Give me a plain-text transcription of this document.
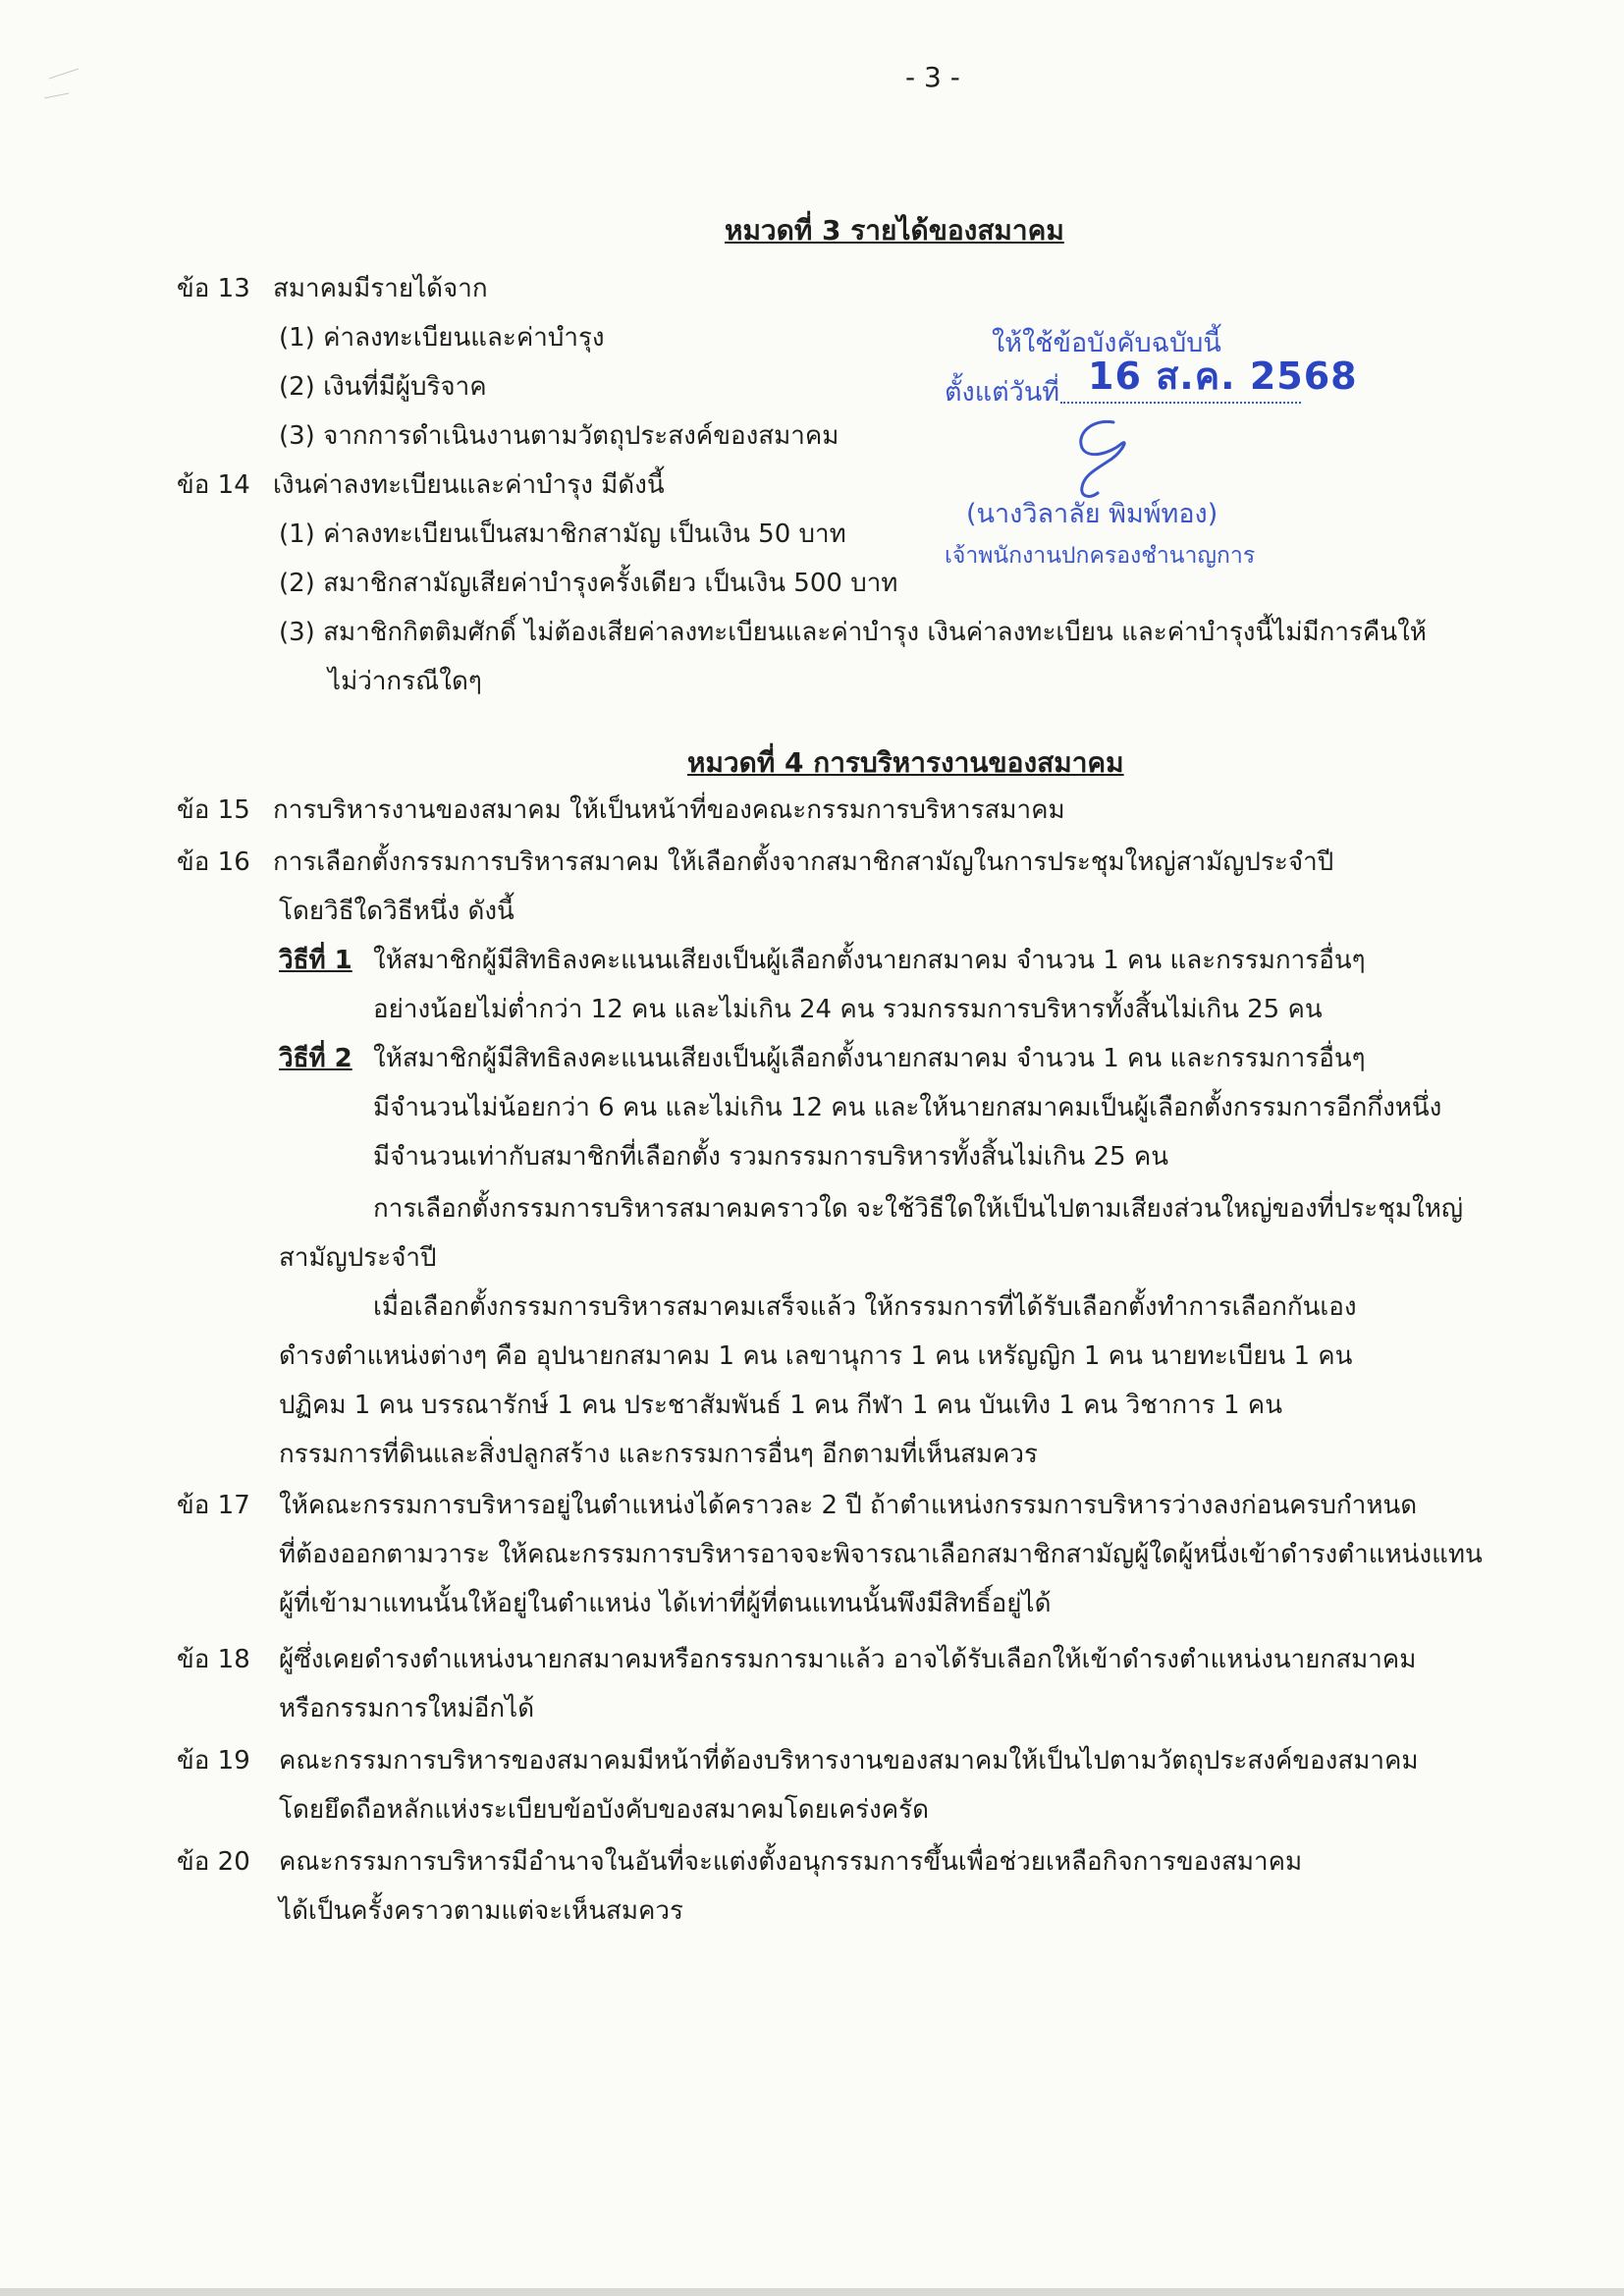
- 3 -
หมวดที่ 3 รายได้ของสมาคม
ข้อ 13 สมาคมมีรายได้จาก
(1) ค่าลงทะเบียนและค่าบำรุง
(2) เงินที่มีผู้บริจาค
(3) จากการดำเนินงานตามวัตถุประสงค์ของสมาคม
ข้อ 14 เงินค่าลงทะเบียนและค่าบำรุง มีดังนี้
(1) ค่าลงทะเบียนเป็นสมาชิกสามัญ เป็นเงิน 50 บาท
(2) สมาชิกสามัญเสียค่าบำรุงครั้งเดียว เป็นเงิน 500 บาท
(3) สมาชิกกิตติมศักดิ์ ไม่ต้องเสียค่าลงทะเบียนและค่าบำรุง เงินค่าลงทะเบียน และค่าบำรุงนี้ไม่มีการคืนให้
ไม่ว่ากรณีใดๆ
ให้ใช้ข้อบังคับฉบับนี้
ตั้งแต่วันที่ 16 ส.ค. 2568
(นางวิลาลัย พิมพ์ทอง)
เจ้าพนักงานปกครองชำนาญการ
หมวดที่ 4 การบริหารงานของสมาคม
ข้อ 15 การบริหารงานของสมาคม ให้เป็นหน้าที่ของคณะกรรมการบริหารสมาคม
ข้อ 16 การเลือกตั้งกรรมการบริหารสมาคม ให้เลือกตั้งจากสมาชิกสามัญในการประชุมใหญ่สามัญประจำปี
โดยวิธีใดวิธีหนึ่ง ดังนี้
วิธีที่ 1 ให้สมาชิกผู้มีสิทธิลงคะแนนเสียงเป็นผู้เลือกตั้งนายกสมาคม จำนวน 1 คน และกรรมการอื่นๆ
อย่างน้อยไม่ต่ำกว่า 12 คน และไม่เกิน 24 คน รวมกรรมการบริหารทั้งสิ้นไม่เกิน 25 คน
วิธีที่ 2 ให้สมาชิกผู้มีสิทธิลงคะแนนเสียงเป็นผู้เลือกตั้งนายกสมาคม จำนวน 1 คน และกรรมการอื่นๆ
มีจำนวนไม่น้อยกว่า 6 คน และไม่เกิน 12 คน และให้นายกสมาคมเป็นผู้เลือกตั้งกรรมการอีกกึ่งหนึ่ง
มีจำนวนเท่ากับสมาชิกที่เลือกตั้ง รวมกรรมการบริหารทั้งสิ้นไม่เกิน 25 คน
การเลือกตั้งกรรมการบริหารสมาคมคราวใด จะใช้วิธีใดให้เป็นไปตามเสียงส่วนใหญ่ของที่ประชุมใหญ่
สามัญประจำปี
เมื่อเลือกตั้งกรรมการบริหารสมาคมเสร็จแล้ว ให้กรรมการที่ได้รับเลือกตั้งทำการเลือกกันเอง
ดำรงตำแหน่งต่างๆ คือ อุปนายกสมาคม 1 คน เลขานุการ 1 คน เหรัญญิก 1 คน นายทะเบียน 1 คน
ปฏิคม 1 คน บรรณารักษ์ 1 คน ประชาสัมพันธ์ 1 คน กีฬา 1 คน บันเทิง 1 คน วิชาการ 1 คน
กรรมการที่ดินและสิ่งปลูกสร้าง และกรรมการอื่นๆ อีกตามที่เห็นสมควร
ข้อ 17 ให้คณะกรรมการบริหารอยู่ในตำแหน่งได้คราวละ 2 ปี ถ้าตำแหน่งกรรมการบริหารว่างลงก่อนครบกำหนด
ที่ต้องออกตามวาระ ให้คณะกรรมการบริหารอาจจะพิจารณาเลือกสมาชิกสามัญผู้ใดผู้หนึ่งเข้าดำรงตำแหน่งแทน
ผู้ที่เข้ามาแทนนั้นให้อยู่ในตำแหน่ง ได้เท่าที่ผู้ที่ตนแทนนั้นพึงมีสิทธิ์อยู่ได้
ข้อ 18 ผู้ซึ่งเคยดำรงตำแหน่งนายกสมาคมหรือกรรมการมาแล้ว อาจได้รับเลือกให้เข้าดำรงตำแหน่งนายกสมาคม
หรือกรรมการใหม่อีกได้
ข้อ 19 คณะกรรมการบริหารของสมาคมมีหน้าที่ต้องบริหารงานของสมาคมให้เป็นไปตามวัตถุประสงค์ของสมาคม
โดยยึดถือหลักแห่งระเบียบข้อบังคับของสมาคมโดยเคร่งครัด
ข้อ 20 คณะกรรมการบริหารมีอำนาจในอันที่จะแต่งตั้งอนุกรรมการขึ้นเพื่อช่วยเหลือกิจการของสมาคม
ได้เป็นครั้งคราวตามแต่จะเห็นสมควร
